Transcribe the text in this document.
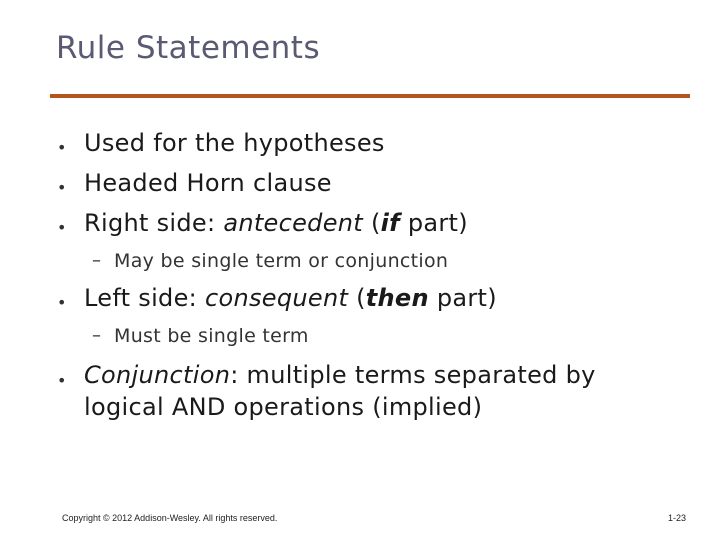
Rule Statements
• Used for the hypotheses
• Headed Horn clause
• Right side: antecedent (if part)
– May be single term or conjunction
• Left side: consequent (then part)
– Must be single term
• Conjunction: multiple terms separated by
logical AND operations (implied)
Copyright © 2012 Addison-Wesley. All rights reserved.	1-23
